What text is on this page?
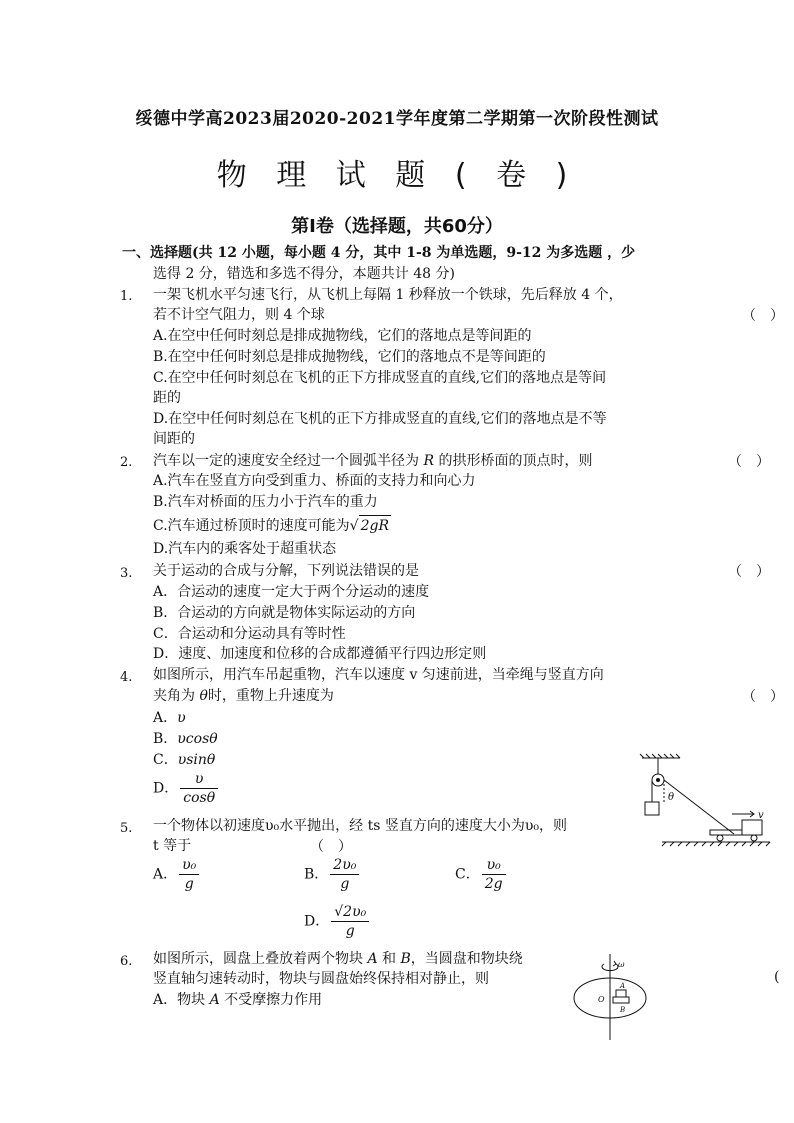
绥德中学高2023届2020-2021学年度第二学期第一次阶段性测试
物 理 试 题 ( 卷 )
第Ⅰ卷（选择题，共60分）
一、选择题(共 12 小题，每小题 4 分，其中 1-8 为单选题，9-12 为多选题 ，少
选得 2 分，错选和多选不得分，本题共计 48 分)
1. 一架飞机水平匀速飞行，从飞机上每隔 1 秒释放一个铁球，先后释放 4 个，
若不计空气阻力，则 4 个球	（　）
A.在空中任何时刻总是排成抛物线，它们的落地点是等间距的
B.在空中任何时刻总是排成抛物线，它们的落地点不是等间距的
C.在空中任何时刻总在飞机的正下方排成竖直的直线,它们的落地点是等间
距的
D.在空中任何时刻总在飞机的正下方排成竖直的直线,它们的落地点是不等
间距的
2. 汽车以一定的速度安全经过一个圆弧半径为 R 的拱形桥面的顶点时，则	（　）
A.汽车在竖直方向受到重力、桥面的支持力和向心力
B.汽车对桥面的压力小于汽车的重力
C.汽车通过桥顶时的速度可能为√ 2gR
D.汽车内的乘客处于超重状态
3. 关于运动的合成与分解，下列说法错误的是	（　）
A．合运动的速度一定大于两个分运动的速度
B．合运动的方向就是物体实际运动的方向
C．合运动和分运动具有等时性
D．速度、加速度和位移的合成都遵循平行四边形定则
4. 如图所示，用汽车吊起重物，汽车以速度 v 匀速前进，当牵绳与竖直方向
夹角为 θ时，重物上升速度为	（　）
A．υ
B．υcosθ
C．υsinθ
D． $\frac{\upsilon}{\cos\theta}$	θ
v
5. 一个物体以初速度υ₀水平抛出，经 ts 竖直方向的速度大小为υ₀，则
t 等于	（　）
A． $\frac{\text{υ₀}}{g}$	B． $\frac{\text{2υ₀}}{g}$	C． $\frac{\text{υ₀}}{2g}$
D． $\frac{\text{√2υ₀}}{g}$
6. 如图所示，圆盘上叠放着两个物块 A 和 B，当圆盘和物块绕
竖直轴匀速转动时，物块与圆盘始终保持相对静止，则	(
A．物块 A 不受摩擦力作用
ω
O
A
B
